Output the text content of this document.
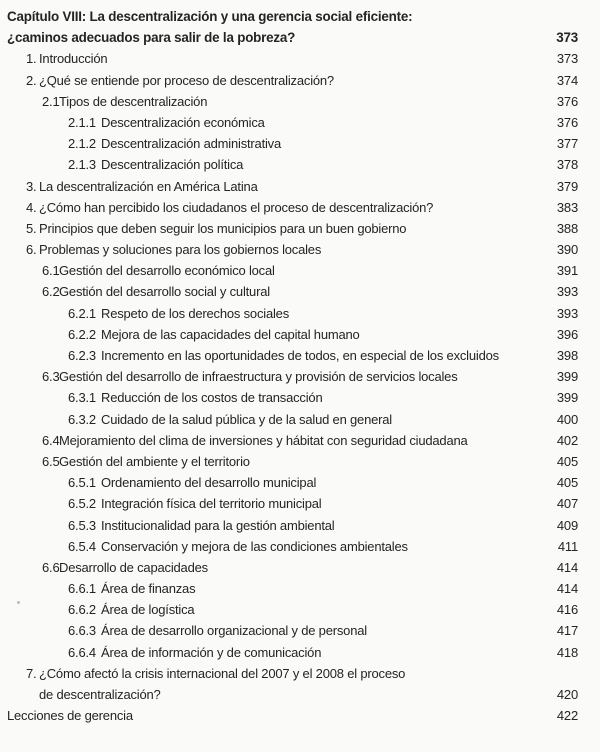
Capítulo VIII: La descentralización y una gerencia social eficiente:
¿caminos adecuados para salir de la pobreza?	373
1. Introducción	373
2. ¿Qué se entiende por proceso de descentralización?	374
2.1 Tipos de descentralización	376
2.1.1 Descentralización económica	376
2.1.2 Descentralización administrativa	377
2.1.3 Descentralización política	378
3. La descentralización en América Latina	379
4. ¿Cómo han percibido los ciudadanos el proceso de descentralización?	383
5. Principios que deben seguir los municipios para un buen gobierno	388
6. Problemas y soluciones para los gobiernos locales	390
6.1 Gestión del desarrollo económico local	391
6.2 Gestión del desarrollo social y cultural	393
6.2.1 Respeto de los derechos sociales	393
6.2.2 Mejora de las capacidades del capital humano	396
6.2.3 Incremento en las oportunidades de todos, en especial de los excluidos	398
6.3 Gestión del desarrollo de infraestructura y provisión de servicios locales	399
6.3.1 Reducción de los costos de transacción	399
6.3.2 Cuidado de la salud pública y de la salud en general	400
6.4 Mejoramiento del clima de inversiones y hábitat con seguridad ciudadana	402
6.5 Gestión del ambiente y el territorio	405
6.5.1 Ordenamiento del desarrollo municipal	405
6.5.2 Integración física del territorio municipal	407
6.5.3 Institucionalidad para la gestión ambiental	409
6.5.4 Conservación y mejora de las condiciones ambientales	411
6.6 Desarrollo de capacidades	414
6.6.1 Área de finanzas	414
6.6.2 Área de logística	416
6.6.3 Área de desarrollo organizacional y de personal	417
6.6.4 Área de información y de comunicación	418
7. ¿Cómo afectó la crisis internacional del 2007 y el 2008 el proceso
de descentralización?	420
Lecciones de gerencia	422
